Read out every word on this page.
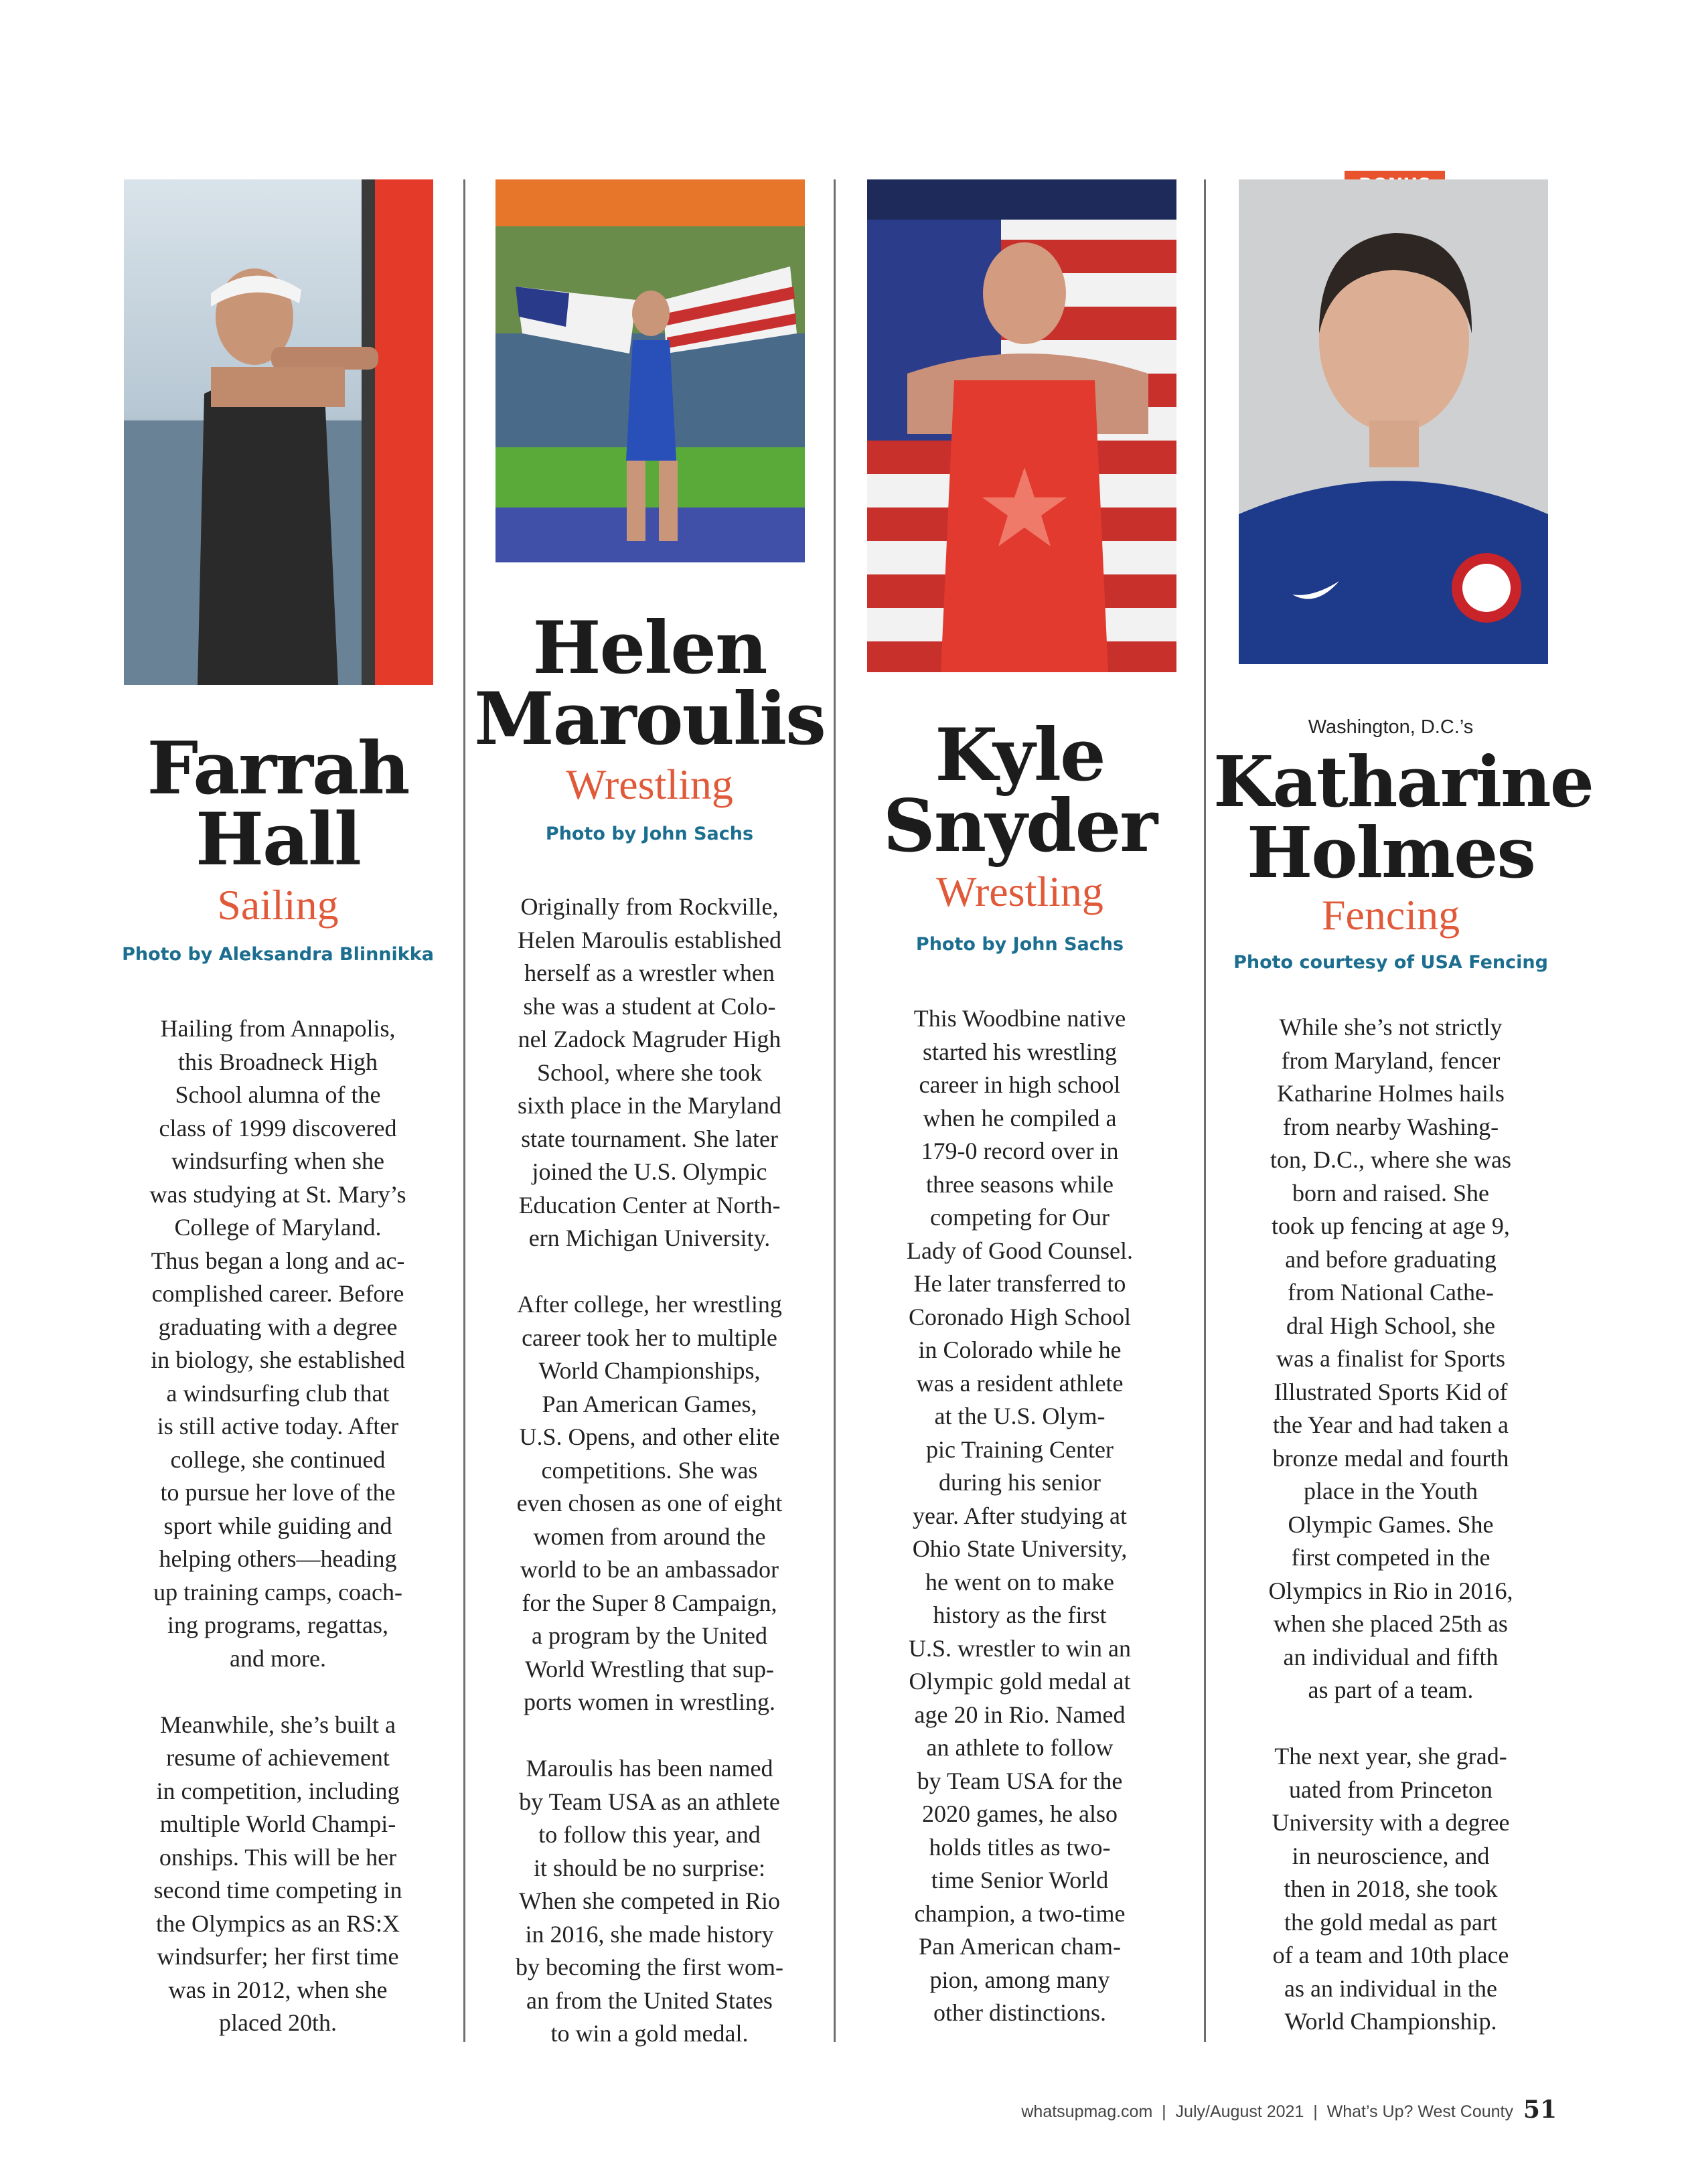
Farrah
Hall
Sailing
Photo by Aleksandra Blinnikka

Hailing from Annapolis,
this Broadneck High
School alumna of the
class of 1999 discovered
windsurfing when she
was studying at St. Mary’s
College of Maryland.
Thus began a long and ac-
complished career. Before
graduating with a degree
in biology, she established
a windsurfing club that
is still active today. After
college, she continued
to pursue her love of the
sport while guiding and
helping others—heading
up training camps, coach-
ing programs, regattas,
and more.

Meanwhile, she’s built a
resume of achievement
in competition, including
multiple World Champi-
onships. This will be her
second time competing in
the Olympics as an RS:X
windsurfer; her first time
was in 2012, when she
placed 20th.

Helen
Maroulis
Wrestling
Photo by John Sachs

Originally from Rockville,
Helen Maroulis established
herself as a wrestler when
she was a student at Colo-
nel Zadock Magruder High
School, where she took
sixth place in the Maryland
state tournament. She later
joined the U.S. Olympic
Education Center at North-
ern Michigan University.

After college, her wrestling
career took her to multiple
World Championships,
Pan American Games,
U.S. Opens, and other elite
competitions. She was
even chosen as one of eight
women from around the
world to be an ambassador
for the Super 8 Campaign,
a program by the United
World Wrestling that sup-
ports women in wrestling.

Maroulis has been named
by Team USA as an athlete
to follow this year, and
it should be no surprise:
When she competed in Rio
in 2016, she made history
by becoming the first wom-
an from the United States
to win a gold medal.

Kyle
Snyder
Wrestling
Photo by John Sachs

This Woodbine native
started his wrestling
career in high school
when he compiled a
179-0 record over in
three seasons while
competing for Our
Lady of Good Counsel.
He later transferred to
Coronado High School
in Colorado while he
was a resident athlete
at the U.S. Olym-
pic Training Center
during his senior
year. After studying at
Ohio State University,
he went on to make
history as the first
U.S. wrestler to win an
Olympic gold medal at
age 20 in Rio. Named
an athlete to follow
by Team USA for the
2020 games, he also
holds titles as two-
time Senior World
champion, a two-time
Pan American cham-
pion, among many
other distinctions.

Washington, D.C.’s
Katharine
Holmes
Fencing
Photo courtesy of USA Fencing

While she’s not strictly
from Maryland, fencer
Katharine Holmes hails
from nearby Washing-
ton, D.C., where she was
born and raised. She
took up fencing at age 9,
and before graduating
from National Cathe-
dral High School, she
was a finalist for Sports
Illustrated Sports Kid of
the Year and had taken a
bronze medal and fourth
place in the Youth
Olympic Games. She
first competed in the
Olympics in Rio in 2016,
when she placed 25th as
an individual and fifth
as part of a team.

The next year, she grad-
uated from Princeton
University with a degree
in neuroscience, and
then in 2018, she took
the gold medal as part
of a team and 10th place
as an individual in the
World Championship.

whatsupmag.com  |  July/August 2021  |  What’s Up? West County 51
